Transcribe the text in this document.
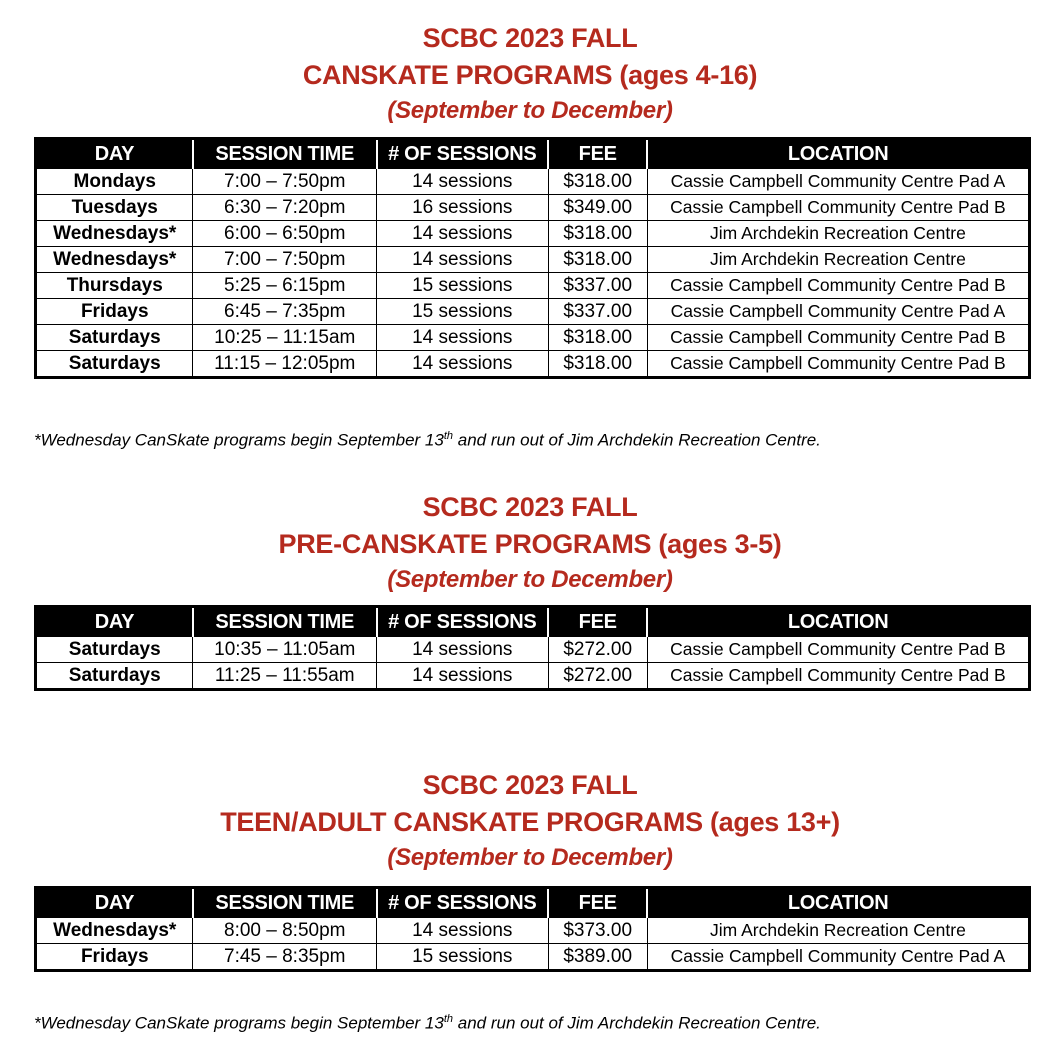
SCBC 2023 FALL
CANSKATE PROGRAMS (ages 4-16)
(September to December)
DAY	SESSION TIME	# OF SESSIONS	FEE	LOCATION
Mondays	7:00 – 7:50pm	14 sessions	$318.00	Cassie Campbell Community Centre Pad A
Tuesdays	6:30 – 7:20pm	16 sessions	$349.00	Cassie Campbell Community Centre Pad B
Wednesdays*	6:00 – 6:50pm	14 sessions	$318.00	Jim Archdekin Recreation Centre
Wednesdays*	7:00 – 7:50pm	14 sessions	$318.00	Jim Archdekin Recreation Centre
Thursdays	5:25 – 6:15pm	15 sessions	$337.00	Cassie Campbell Community Centre Pad B
Fridays	6:45 – 7:35pm	15 sessions	$337.00	Cassie Campbell Community Centre Pad A
Saturdays	10:25 – 11:15am	14 sessions	$318.00	Cassie Campbell Community Centre Pad B
Saturdays	11:15 – 12:05pm	14 sessions	$318.00	Cassie Campbell Community Centre Pad B
*Wednesday CanSkate programs begin September 13th and run out of Jim Archdekin Recreation Centre.
SCBC 2023 FALL
PRE-CANSKATE PROGRAMS (ages 3-5)
(September to December)
DAY	SESSION TIME	# OF SESSIONS	FEE	LOCATION
Saturdays	10:35 – 11:05am	14 sessions	$272.00	Cassie Campbell Community Centre Pad B
Saturdays	11:25 – 11:55am	14 sessions	$272.00	Cassie Campbell Community Centre Pad B
SCBC 2023 FALL
TEEN/ADULT CANSKATE PROGRAMS (ages 13+)
(September to December)
DAY	SESSION TIME	# OF SESSIONS	FEE	LOCATION
Wednesdays*	8:00 – 8:50pm	14 sessions	$373.00	Jim Archdekin Recreation Centre
Fridays	7:45 – 8:35pm	15 sessions	$389.00	Cassie Campbell Community Centre Pad A
*Wednesday CanSkate programs begin September 13th and run out of Jim Archdekin Recreation Centre.
